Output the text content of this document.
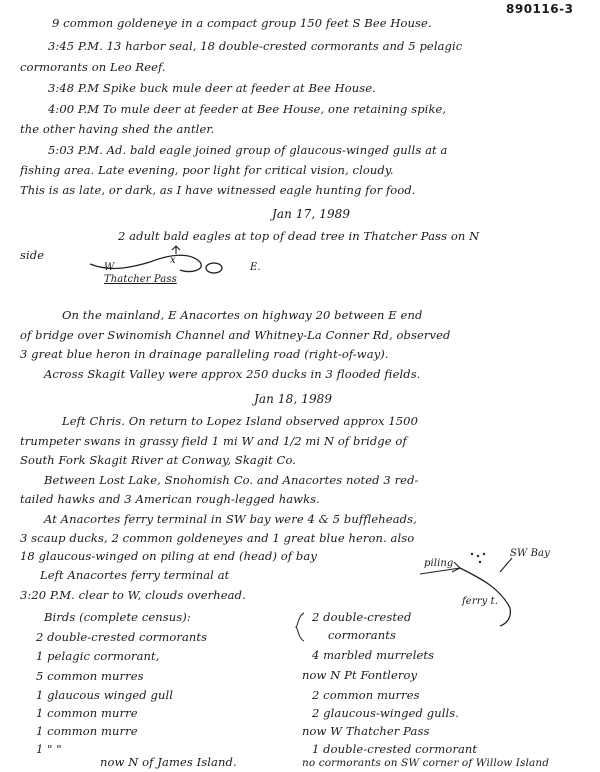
890116-3
9 common goldeneye in a compact group 150 feet S Bee House.
3:45 P.M. 13 harbor seal, 18 double-crested cormorants and 5 pelagic
cormorants on Leo Reef.
3:48 P.M Spike buck mule deer at feeder at Bee House.
4:00 P.M To mule deer at feeder at Bee House, one retaining spike,
the other having shed the antler.
5:03 P.M. Ad. bald eagle joined group of glaucous-winged gulls at a
fishing area. Late evening, poor light for critical vision, cloudy.
This is as late, or dark, as I have witnessed eagle hunting for food.
Jan 17, 1989
2 adult bald eagles at top of dead tree in Thatcher Pass on N
side
W
x
E.
Thatcher Pass
On the mainland, E Anacortes on highway 20 between E end
of bridge over Swinomish Channel and Whitney-La Conner Rd, observed
3 great blue heron in drainage paralleling road (right-of-way).
Across Skagit Valley were approx 250 ducks in 3 flooded fields.
Jan 18, 1989
Left Chris. On return to Lopez Island observed approx 1500
trumpeter swans in grassy field 1 mi W and 1/2 mi N of bridge of
South Fork Skagit River at Conway, Skagit Co.
Between Lost Lake, Snohomish Co. and Anacortes noted 3 red-
tailed hawks and 3 American rough-legged hawks.
At Anacortes ferry terminal in SW bay were 4 & 5 buffleheads,
3 scaup ducks, 2 common goldeneyes and 1 great blue heron. also
18 glaucous-winged on piling at end (head) of bay
Left Anacortes ferry terminal at
3:20 P.M. clear to W, clouds overhead.
piling
SW Bay
ferry t.
Birds (complete census):
2 double-crested cormorants
1 pelagic cormorant,
5 common murres
1 glaucous winged gull
1 common murre
1 common murre
1 " "
now N of James Island.
2 double-crested
cormorants
4 marbled murrelets
now N Pt Fontleroy
2 common murres
2 glaucous-winged gulls.
now W Thatcher Pass
1 double-crested cormorant
no cormorants on SW corner of Willow Island
